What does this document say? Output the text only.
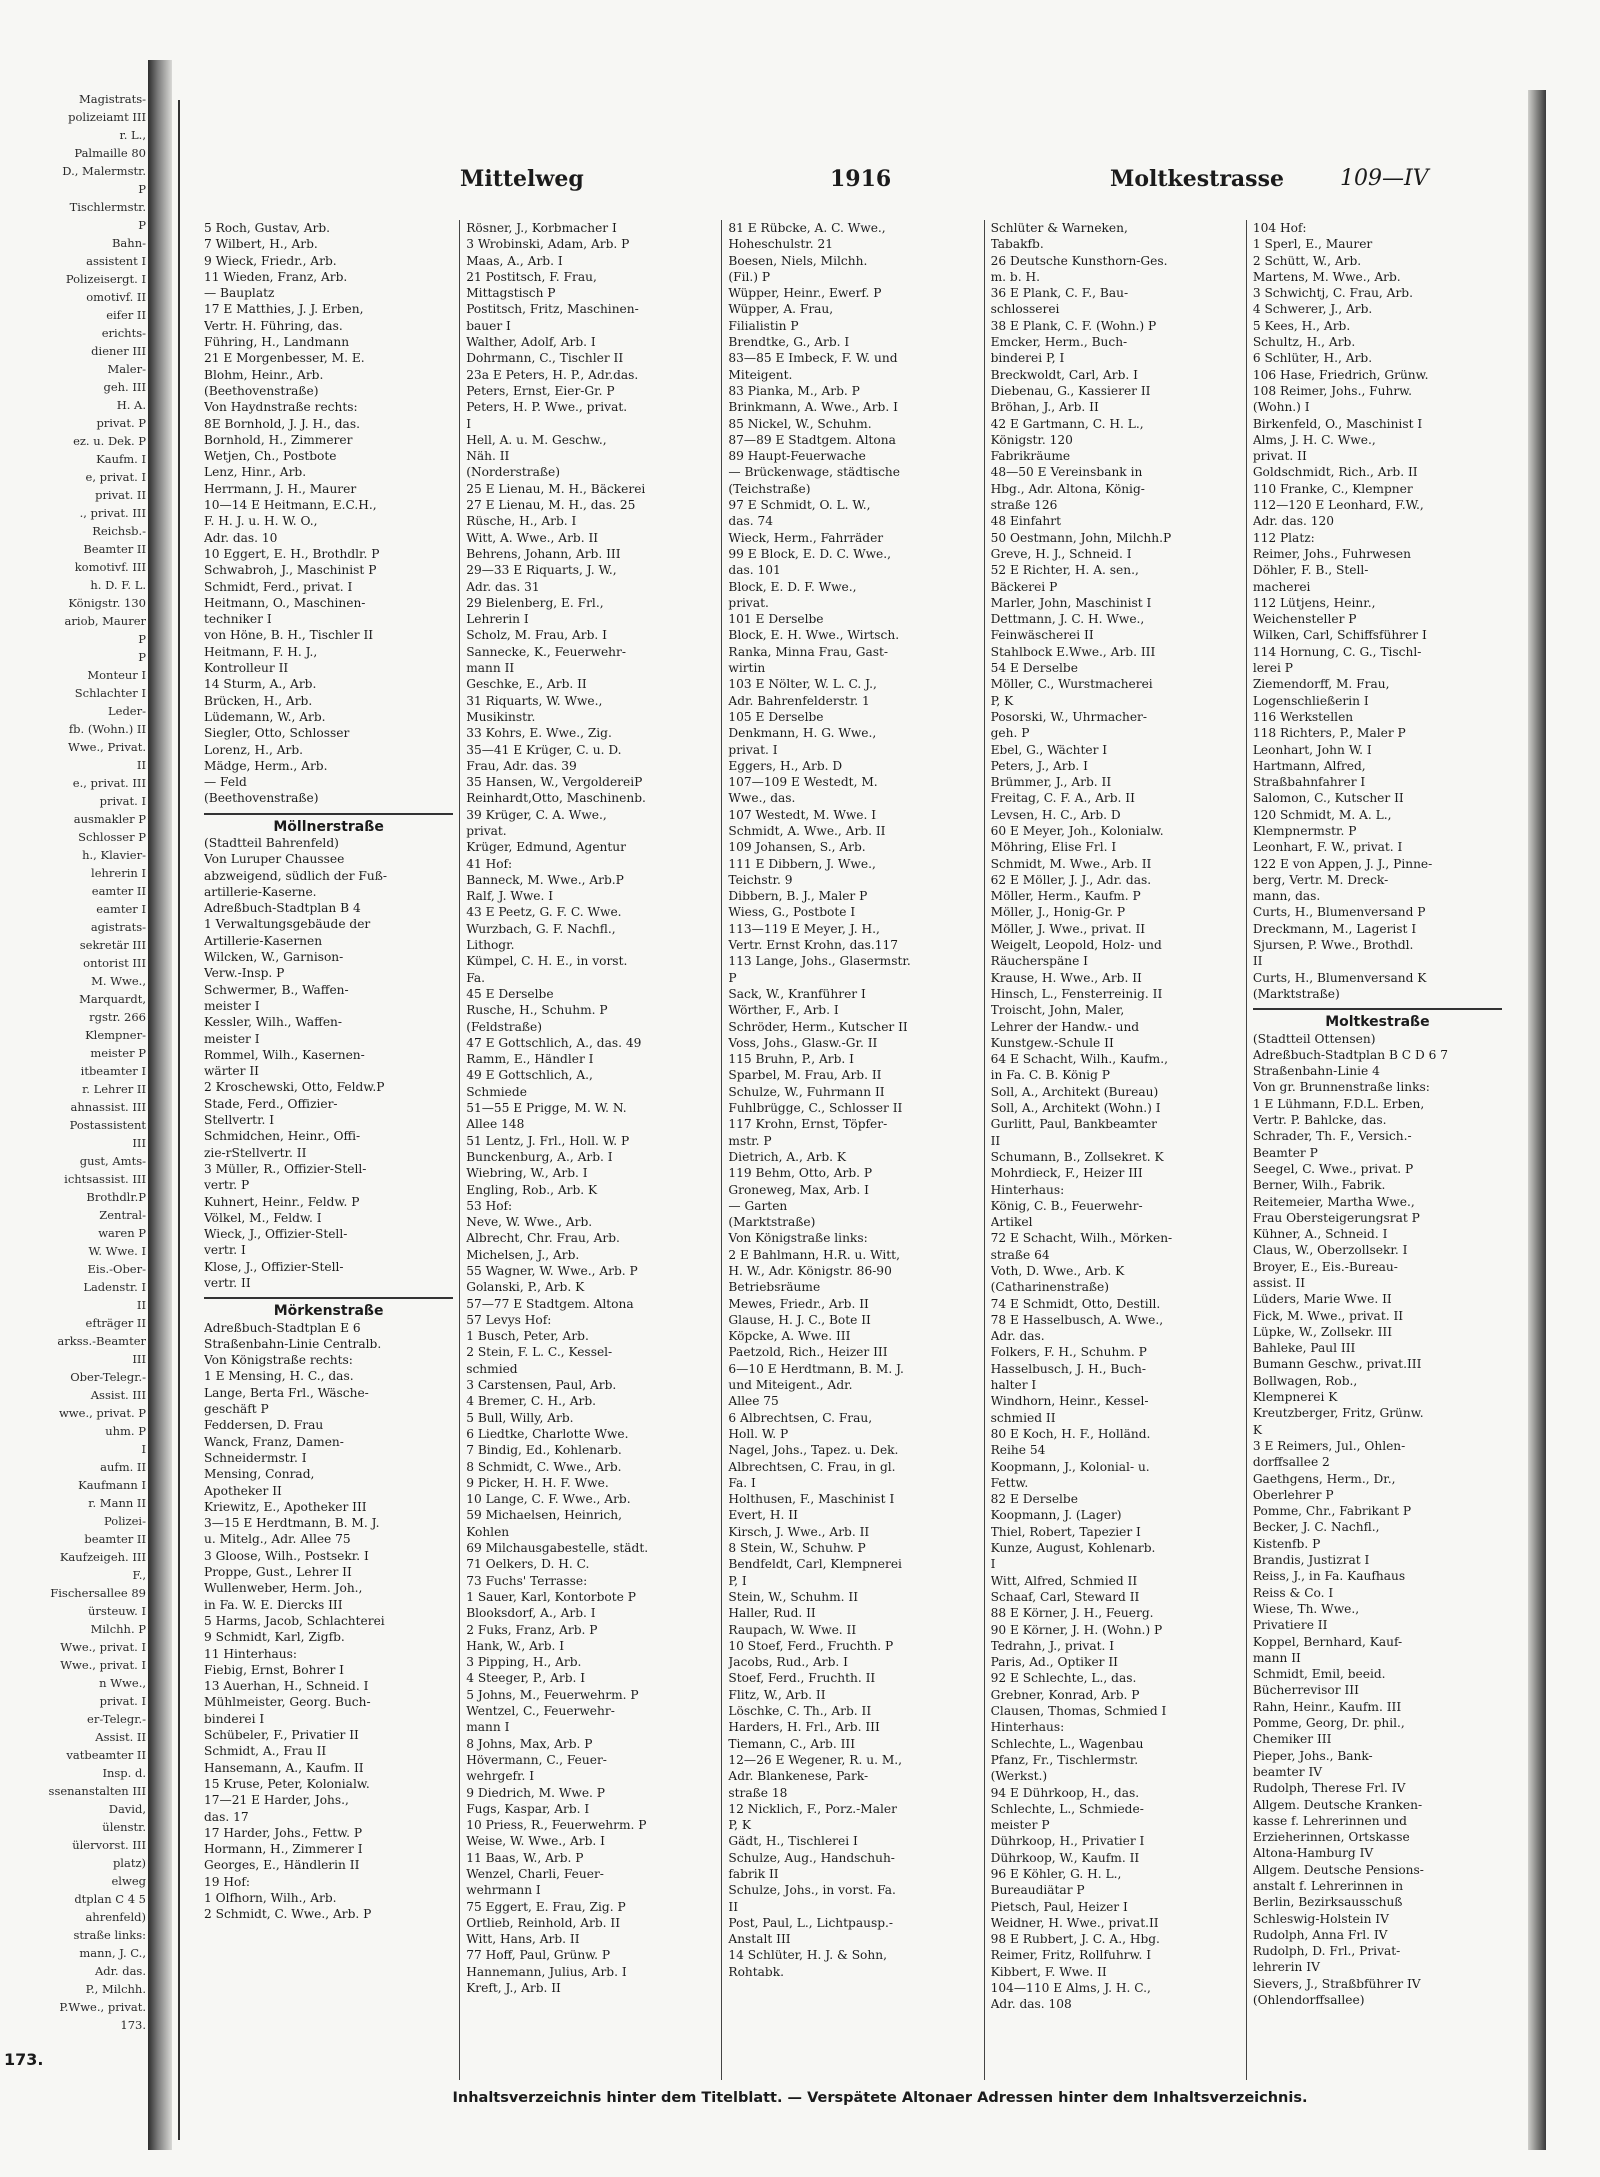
Magistrats-
polizeiamt III
r. L.,
Palmaille 80
D., Malermstr.
P
Tischlermstr.
P
Bahn-
assistent I
Polizeisergt. I
omotivf. II
eifer II
erichts-
diener III
Maler-
geh. III
H. A.
privat. P
ez. u. Dek. P
Kaufm. I
e, privat. I
privat. II
., privat. III
Reichsb.-
Beamter II
komotivf. III
h. D. F. L.
Königstr. 130
ariob, Maurer
P
P
Monteur I
Schlachter I
Leder-
fb. (Wohn.) II
Wwe., Privat.
II
e., privat. III
privat. I
ausmakler P
Schlosser P
h., Klavier-
lehrerin I
eamter II
eamter I
agistrats-
sekretär III
ontorist III
M. Wwe.,
Marquardt,
rgstr. 266
Klempner-
meister P
itbeamter I
r. Lehrer II
ahnassist. III
Postassistent
III
gust, Amts-
ichtsassist. III
Brothdlr.P
Zentral-
waren P
W. Wwe. I
Eis.-Ober-
Ladenstr. I
II
efträger II
arkss.-Beamter
III
Ober-Telegr.-
Assist. III
wwe., privat. P
uhm. P
I
aufm. II
Kaufmann I
r. Mann II
Polizei-
beamter II
Kaufzeigeh. III
F.,
Fischersallee 89
ürsteuw. I
Milchh. P
Wwe., privat. I
Wwe., privat. I
n Wwe.,
privat. I
er-Telegr.-
Assist. II
vatbeamter II
Insp. d.
ssenanstalten III
David,
ülenstr.
ülervorst. III
platz)
elweg
dtplan C 4 5
ahrenfeld)
straße links:
mann, J. C.,
Adr. das.
P., Milchh.
P.Wwe., privat.
173.
Mittelweg	1916	Moltkestrasse	109—IV
5 Roch, Gustav, Arb.
7 Wilbert, H., Arb.
9 Wieck, Friedr., Arb.
11 Wieden, Franz, Arb.
— Bauplatz
17 E Matthies, J. J. Erben,
Vertr. H. Führing, das.
Führing, H., Landmann
21 E Morgenbesser, M. E.
Blohm, Heinr., Arb.
(Beethovenstraße)
Von Haydnstraße rechts:
8E Bornhold, J. J. H., das.
Bornhold, H., Zimmerer
Wetjen, Ch., Postbote
Lenz, Hinr., Arb.
Herrmann, J. H., Maurer
10—14 E Heitmann, E.C.H.,
F. H. J. u. H. W. O.,
Adr. das. 10
10 Eggert, E. H., Brothdlr. P
Schwabroh, J., Maschinist P
Schmidt, Ferd., privat. I
Heitmann, O., Maschinen-
techniker I
von Höne, B. H., Tischler II
Heitmann, F. H. J.,
Kontrolleur II
14 Sturm, A., Arb.
Brücken, H., Arb.
Lüdemann, W., Arb.
Siegler, Otto, Schlosser
Lorenz, H., Arb.
Mädge, Herm., Arb.
— Feld
(Beethovenstraße)
Möllnerstraße
(Stadtteil Bahrenfeld)
Von Luruper Chaussee
abzweigend, südlich der Fuß-
artillerie-Kaserne.
Adreßbuch-Stadtplan B 4
1 Verwaltungsgebäude der
Artillerie-Kasernen
Wilcken, W., Garnison-
Verw.-Insp. P
Schwermer, B., Waffen-
meister I
Kessler, Wilh., Waffen-
meister I
Rommel, Wilh., Kasernen-
wärter II
2 Kroschewski, Otto, Feldw.P
Stade, Ferd., Offizier-
Stellvertr. I
Schmidchen, Heinr., Offi-
zie-rStellvertr. II
3 Müller, R., Offizier-Stell-
vertr. P
Kuhnert, Heinr., Feldw. P
Völkel, M., Feldw. I
Wieck, J., Offizier-Stell-
vertr. I
Klose, J., Offizier-Stell-
vertr. II
Mörkenstraße
Adreßbuch-Stadtplan E 6
Straßenbahn-Linie Centralb.
Von Königstraße rechts:
1 E Mensing, H. C., das.
Lange, Berta Frl., Wäsche-
geschäft P
Feddersen, D. Frau
Wanck, Franz, Damen-
Schneidermstr. I
Mensing, Conrad,
Apotheker II
Kriewitz, E., Apotheker III
3—15 E Herdtmann, B. M. J.
u. Mitelg., Adr. Allee 75
3 Gloose, Wilh., Postsekr. I
Proppe, Gust., Lehrer II
Wullenweber, Herm. Joh.,
in Fa. W. E. Diercks III
5 Harms, Jacob, Schlachterei
9 Schmidt, Karl, Zigfb.
11 Hinterhaus:
Fiebig, Ernst, Bohrer I
13 Auerhan, H., Schneid. I
Mühlmeister, Georg. Buch-
binderei I
Schübeler, F., Privatier II
Schmidt, A., Frau II
Hansemann, A., Kaufm. II
15 Kruse, Peter, Kolonialw.
17—21 E Harder, Johs.,
das. 17
17 Harder, Johs., Fettw. P
Hormann, H., Zimmerer I
Georges, E., Händlerin II
19 Hof:
1 Olfhorn, Wilh., Arb.
2 Schmidt, C. Wwe., Arb. P
Rösner, J., Korbmacher I
3 Wrobinski, Adam, Arb. P
Maas, A., Arb. I
21 Postitsch, F. Frau,
Mittagstisch P
Postitsch, Fritz, Maschinen-
bauer I
Walther, Adolf, Arb. I
Dohrmann, C., Tischler II
23a E Peters, H. P., Adr.das.
Peters, Ernst, Eier-Gr. P
Peters, H. P. Wwe., privat.
I
Hell, A. u. M. Geschw.,
Näh. II
(Norderstraße)
25 E Lienau, M. H., Bäckerei
27 E Lienau, M. H., das. 25
Rüsche, H., Arb. I
Witt, A. Wwe., Arb. II
Behrens, Johann, Arb. III
29—33 E Riquarts, J. W.,
Adr. das. 31
29 Bielenberg, E. Frl.,
Lehrerin I
Scholz, M. Frau, Arb. I
Sannecke, K., Feuerwehr-
mann II
Geschke, E., Arb. II
31 Riquarts, W. Wwe.,
Musikinstr.
33 Kohrs, E. Wwe., Zig.
35—41 E Krüger, C. u. D.
Frau, Adr. das. 39
35 Hansen, W., VergoldereiP
Reinhardt,Otto, Maschinenb.
39 Krüger, C. A. Wwe.,
privat.
Krüger, Edmund, Agentur
41 Hof:
Banneck, M. Wwe., Arb.P
Ralf, J. Wwe. I
43 E Peetz, G. F. C. Wwe.
Wurzbach, G. F. Nachfl.,
Lithogr.
Kümpel, C. H. E., in vorst.
Fa.
45 E Derselbe
Rusche, H., Schuhm. P
(Feldstraße)
47 E Gottschlich, A., das. 49
Ramm, E., Händler I
49 E Gottschlich, A.,
Schmiede
51—55 E Prigge, M. W. N.
Allee 148
51 Lentz, J. Frl., Holl. W. P
Bunckenburg, A., Arb. I
Wiebring, W., Arb. I
Engling, Rob., Arb. K
53 Hof:
Neve, W. Wwe., Arb.
Albrecht, Chr. Frau, Arb.
Michelsen, J., Arb.
55 Wagner, W. Wwe., Arb. P
Golanski, P., Arb. K
57—77 E Stadtgem. Altona
57 Levys Hof:
1 Busch, Peter, Arb.
2 Stein, F. L. C., Kessel-
schmied
3 Carstensen, Paul, Arb.
4 Bremer, C. H., Arb.
5 Bull, Willy, Arb.
6 Liedtke, Charlotte Wwe.
7 Bindig, Ed., Kohlenarb.
8 Schmidt, C. Wwe., Arb.
9 Picker, H. H. F. Wwe.
10 Lange, C. F. Wwe., Arb.
59 Michaelsen, Heinrich,
Kohlen
69 Milchausgabestelle, städt.
71 Oelkers, D. H. C.
73 Fuchs' Terrasse:
1 Sauer, Karl, Kontorbote P
Blooksdorf, A., Arb. I
2 Fuks, Franz, Arb. P
Hank, W., Arb. I
3 Pipping, H., Arb.
4 Steeger, P., Arb. I
5 Johns, M., Feuerwehrm. P
Wentzel, C., Feuerwehr-
mann I
8 Johns, Max, Arb. P
Hövermann, C., Feuer-
wehrgefr. I
9 Diedrich, M. Wwe. P
Fugs, Kaspar, Arb. I
10 Priess, R., Feuerwehrm. P
Weise, W. Wwe., Arb. I
11 Baas, W., Arb. P
Wenzel, Charli, Feuer-
wehrmann I
75 Eggert, E. Frau, Zig. P
Ortlieb, Reinhold, Arb. II
Witt, Hans, Arb. II
77 Hoff, Paul, Grünw. P
Hannemann, Julius, Arb. I
Kreft, J., Arb. II
81 E Rübcke, A. C. Wwe.,
Hoheschulstr. 21
Boesen, Niels, Milchh.
(Fil.) P
Wüpper, Heinr., Ewerf. P
Wüpper, A. Frau,
Filialistin P
Brendtke, G., Arb. I
83—85 E Imbeck, F. W. und
Miteigent.
83 Pianka, M., Arb. P
Brinkmann, A. Wwe., Arb. I
85 Nickel, W., Schuhm.
87—89 E Stadtgem. Altona
89 Haupt-Feuerwache
— Brückenwage, städtische
(Teichstraße)
97 E Schmidt, O. L. W.,
das. 74
Wieck, Herm., Fahrräder
99 E Block, E. D. C. Wwe.,
das. 101
Block, E. D. F. Wwe.,
privat.
101 E Derselbe
Block, E. H. Wwe., Wirtsch.
Ranka, Minna Frau, Gast-
wirtin
103 E Nölter, W. L. C. J.,
Adr. Bahrenfelderstr. 1
105 E Derselbe
Denkmann, H. G. Wwe.,
privat. I
Eggers, H., Arb. D
107—109 E Westedt, M.
Wwe., das.
107 Westedt, M. Wwe. I
Schmidt, A. Wwe., Arb. II
109 Johansen, S., Arb.
111 E Dibbern, J. Wwe.,
Teichstr. 9
Dibbern, B. J., Maler P
Wiess, G., Postbote I
113—119 E Meyer, J. H.,
Vertr. Ernst Krohn, das.117
113 Lange, Johs., Glasermstr.
P
Sack, W., Kranführer I
Wörther, F., Arb. I
Schröder, Herm., Kutscher II
Voss, Johs., Glasw.-Gr. II
115 Bruhn, P., Arb. I
Sparbel, M. Frau, Arb. II
Schulze, W., Fuhrmann II
Fuhlbrügge, C., Schlosser II
117 Krohn, Ernst, Töpfer-
mstr. P
Dietrich, A., Arb. K
119 Behm, Otto, Arb. P
Groneweg, Max, Arb. I
— Garten
(Marktstraße)
Von Königstraße links:
2 E Bahlmann, H.R. u. Witt,
H. W., Adr. Königstr. 86-90
Betriebsräume
Mewes, Friedr., Arb. II
Glause, H. J. C., Bote II
Köpcke, A. Wwe. III
Paetzold, Rich., Heizer III
6—10 E Herdtmann, B. M. J.
und Miteigent., Adr.
Allee 75
6 Albrechtsen, C. Frau,
Holl. W. P
Nagel, Johs., Tapez. u. Dek.
Albrechtsen, C. Frau, in gl.
Fa. I
Holthusen, F., Maschinist I
Evert, H. II
Kirsch, J. Wwe., Arb. II
8 Stein, W., Schuhw. P
Bendfeldt, Carl, Klempnerei
P, I
Stein, W., Schuhm. II
Haller, Rud. II
Raupach, W. Wwe. II
10 Stoef, Ferd., Fruchth. P
Jacobs, Rud., Arb. I
Stoef, Ferd., Fruchth. II
Flitz, W., Arb. II
Löschke, C. Th., Arb. II
Harders, H. Frl., Arb. III
Tiemann, C., Arb. III
12—26 E Wegener, R. u. M.,
Adr. Blankenese, Park-
straße 18
12 Nicklich, F., Porz.-Maler
P, K
Gädt, H., Tischlerei I
Schulze, Aug., Handschuh-
fabrik II
Schulze, Johs., in vorst. Fa.
II
Post, Paul, L., Lichtpausp.-
Anstalt III
14 Schlüter, H. J. & Sohn,
Rohtabk.
Schlüter & Warneken,
Tabakfb.
26 Deutsche Kunsthorn-Ges.
m. b. H.
36 E Plank, C. F., Bau-
schlosserei
38 E Plank, C. F. (Wohn.) P
Emcker, Herm., Buch-
binderei P, I
Breckwoldt, Carl, Arb. I
Diebenau, G., Kassierer II
Bröhan, J., Arb. II
42 E Gartmann, C. H. L.,
Königstr. 120
Fabrikräume
48—50 E Vereinsbank in
Hbg., Adr. Altona, König-
straße 126
48 Einfahrt
50 Oestmann, John, Milchh.P
Greve, H. J., Schneid. I
52 E Richter, H. A. sen.,
Bäckerei P
Marler, John, Maschinist I
Dettmann, J. C. H. Wwe.,
Feinwäscherei II
Stahlbock E.Wwe., Arb. III
54 E Derselbe
Möller, C., Wurstmacherei
P, K
Posorski, W., Uhrmacher-
geh. P
Ebel, G., Wächter I
Peters, J., Arb. I
Brümmer, J., Arb. II
Freitag, C. F. A., Arb. II
Levsen, H. C., Arb. D
60 E Meyer, Joh., Kolonialw.
Möhring, Elise Frl. I
Schmidt, M. Wwe., Arb. II
62 E Möller, J. J., Adr. das.
Möller, Herm., Kaufm. P
Möller, J., Honig-Gr. P
Möller, J. Wwe., privat. II
Weigelt, Leopold, Holz- und
Räucherspäne I
Krause, H. Wwe., Arb. II
Hinsch, L., Fensterreinig. II
Troischt, John, Maler,
Lehrer der Handw.- und
Kunstgew.-Schule II
64 E Schacht, Wilh., Kaufm.,
in Fa. C. B. König P
Soll, A., Architekt (Bureau)
Soll, A., Architekt (Wohn.) I
Gurlitt, Paul, Bankbeamter
II
Schumann, B., Zollsekret. K
Mohrdieck, F., Heizer III
Hinterhaus:
König, C. B., Feuerwehr-
Artikel
72 E Schacht, Wilh., Mörken-
straße 64
Voth, D. Wwe., Arb. K
(Catharinenstraße)
74 E Schmidt, Otto, Destill.
78 E Hasselbusch, A. Wwe.,
Adr. das.
Folkers, F. H., Schuhm. P
Hasselbusch, J. H., Buch-
halter I
Windhorn, Heinr., Kessel-
schmied II
80 E Koch, H. F., Holländ.
Reihe 54
Koopmann, J., Kolonial- u.
Fettw.
82 E Derselbe
Koopmann, J. (Lager)
Thiel, Robert, Tapezier I
Kunze, August, Kohlenarb.
I
Witt, Alfred, Schmied II
Schaaf, Carl, Steward II
88 E Körner, J. H., Feuerg.
90 E Körner, J. H. (Wohn.) P
Tedrahn, J., privat. I
Paris, Ad., Optiker II
92 E Schlechte, L., das.
Grebner, Konrad, Arb. P
Clausen, Thomas, Schmied I
Hinterhaus:
Schlechte, L., Wagenbau
Pfanz, Fr., Tischlermstr.
(Werkst.)
94 E Dührkoop, H., das.
Schlechte, L., Schmiede-
meister P
Dührkoop, H., Privatier I
Dührkoop, W., Kaufm. II
96 E Köhler, G. H. L.,
Bureaudiätar P
Pietsch, Paul, Heizer I
Weidner, H. Wwe., privat.II
98 E Rubbert, J. C. A., Hbg.
Reimer, Fritz, Rollfuhrw. I
Kibbert, F. Wwe. II
104—110 E Alms, J. H. C.,
Adr. das. 108
104 Hof:
1 Sperl, E., Maurer
2 Schütt, W., Arb.
Martens, M. Wwe., Arb.
3 Schwichtj, C. Frau, Arb.
4 Schwerer, J., Arb.
5 Kees, H., Arb.
Schultz, H., Arb.
6 Schlüter, H., Arb.
106 Hase, Friedrich, Grünw.
108 Reimer, Johs., Fuhrw.
(Wohn.) I
Birkenfeld, O., Maschinist I
Alms, J. H. C. Wwe.,
privat. II
Goldschmidt, Rich., Arb. II
110 Franke, C., Klempner
112—120 E Leonhard, F.W.,
Adr. das. 120
112 Platz:
Reimer, Johs., Fuhrwesen
Döhler, F. B., Stell-
macherei
112 Lütjens, Heinr.,
Weichensteller P
Wilken, Carl, Schiffsführer I
114 Hornung, C. G., Tischl-
lerei P
Ziemendorff, M. Frau,
Logenschließerin I
116 Werkstellen
118 Richters, P., Maler P
Leonhart, John W. I
Hartmann, Alfred,
Straßbahnfahrer I
Salomon, C., Kutscher II
120 Schmidt, M. A. L.,
Klempnermstr. P
Leonhart, F. W., privat. I
122 E von Appen, J. J., Pinne-
berg, Vertr. M. Dreck-
mann, das.
Curts, H., Blumenversand P
Dreckmann, M., Lagerist I
Sjursen, P. Wwe., Brothdl.
II
Curts, H., Blumenversand K
(Marktstraße)
Moltkestraße
(Stadtteil Ottensen)
Adreßbuch-Stadtplan B C D 6 7
Straßenbahn-Linie 4
Von gr. Brunnenstraße links:
1 E Lühmann, F.D.L. Erben,
Vertr. P. Bahlcke, das.
Schrader, Th. F., Versich.-
Beamter P
Seegel, C. Wwe., privat. P
Berner, Wilh., Fabrik.
Reitemeier, Martha Wwe.,
Frau Obersteigerungsrat P
Kühner, A., Schneid. I
Claus, W., Oberzollsekr. I
Broyer, E., Eis.-Bureau-
assist. II
Lüders, Marie Wwe. II
Fick, M. Wwe., privat. II
Lüpke, W., Zollsekr. III
Bahleke, Paul III
Bumann Geschw., privat.III
Bollwagen, Rob.,
Klempnerei K
Kreutzberger, Fritz, Grünw.
K
3 E Reimers, Jul., Ohlen-
dorffsallee 2
Gaethgens, Herm., Dr.,
Oberlehrer P
Pomme, Chr., Fabrikant P
Becker, J. C. Nachfl.,
Kistenfb. P
Brandis, Justizrat I
Reiss, J., in Fa. Kaufhaus
Reiss & Co. I
Wiese, Th. Wwe.,
Privatiere II
Koppel, Bernhard, Kauf-
mann II
Schmidt, Emil, beeid.
Bücherrevisor III
Rahn, Heinr., Kaufm. III
Pomme, Georg, Dr. phil.,
Chemiker III
Pieper, Johs., Bank-
beamter IV
Rudolph, Therese Frl. IV
Allgem. Deutsche Kranken-
kasse f. Lehrerinnen und
Erzieherinnen, Ortskasse
Altona-Hamburg IV
Allgem. Deutsche Pensions-
anstalt f. Lehrerinnen in
Berlin, Bezirksausschuß
Schleswig-Holstein IV
Rudolph, Anna Frl. IV
Rudolph, D. Frl., Privat-
lehrerin IV
Sievers, J., Straßbführer IV
(Ohlendorffsallee)
Inhaltsverzeichnis hinter dem Titelblatt. — Verspätete Altonaer Adressen hinter dem Inhaltsverzeichnis.
173.
